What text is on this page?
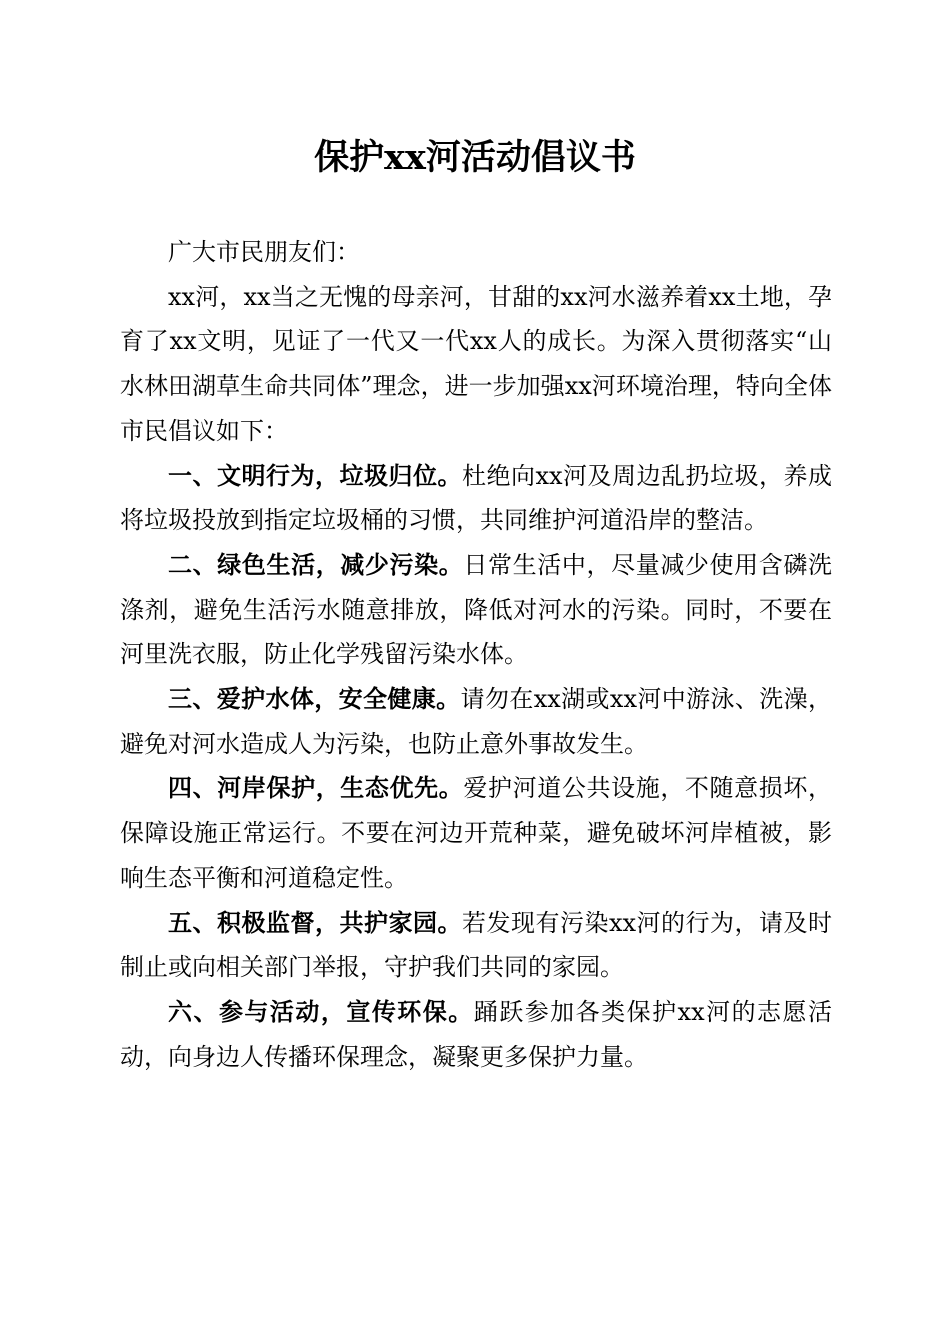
保护xx河活动倡议书

广大市民朋友们：

xx河，xx当之无愧的母亲河，甘甜的xx河水滋养着xx土地，孕育了xx文明，见证了一代又一代xx人的成长。为深入贯彻落实“山水林田湖草生命共同体”理念，进一步加强xx河环境治理，特向全体市民倡议如下：

一、文明行为，垃圾归位。杜绝向xx河及周边乱扔垃圾，养成将垃圾投放到指定垃圾桶的习惯，共同维护河道沿岸的整洁。

二、绿色生活，减少污染。日常生活中，尽量减少使用含磷洗涤剂，避免生活污水随意排放，降低对河水的污染。同时，不要在河里洗衣服，防止化学残留污染水体。

三、爱护水体，安全健康。请勿在xx湖或xx河中游泳、洗澡，避免对河水造成人为污染，也防止意外事故发生。

四、河岸保护，生态优先。爱护河道公共设施，不随意损坏，保障设施正常运行。不要在河边开荒种菜，避免破坏河岸植被，影响生态平衡和河道稳定性。

五、积极监督，共护家园。若发现有污染xx河的行为，请及时制止或向相关部门举报，守护我们共同的家园。

六、参与活动，宣传环保。踊跃参加各类保护xx河的志愿活动，向身边人传播环保理念，凝聚更多保护力量。
